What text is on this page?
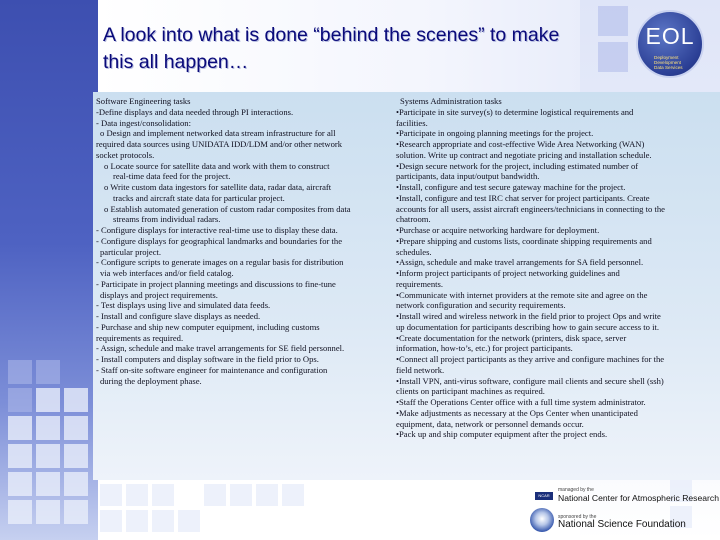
A look into what is done “behind the scenes” to make
this all happen…
EOL
Deployment
Development
Data Services
Software Engineering tasks
-Define displays and data needed through PI interactions.
- Data ingest/consolidation:
o Design and implement networked data stream infrastructure for all
required data sources using UNIDATA IDD/LDM and/or other network
socket protocols.
o Locate source for satellite data and work with them to construct
real-time data feed for the project.
o Write custom data ingestors for satellite data, radar data, aircraft
tracks and aircraft state data for particular project.
o Establish automated generation of custom radar composites from data
streams from individual radars.
- Configure displays for interactive real-time use to display these data.
- Configure displays for geographical landmarks and boundaries for the
particular project.
- Configure scripts to generate images on a regular basis for distribution
via web interfaces and/or field catalog.
- Participate in project planning meetings and discussions to fine-tune
displays and project requirements.
- Test displays using live and simulated data feeds.
- Install and configure slave displays as needed.
- Purchase and ship new computer equipment, including customs
requirements as required.
- Assign, schedule and make travel arrangements for SE field personnel.
- Install computers and display software in the field prior to Ops.
- Staff on-site software engineer for maintenance and configuration
during the deployment phase.
Systems Administration tasks
•Participate in site survey(s) to determine logistical requirements and
facilities.
•Participate in ongoing planning meetings for the project.
•Research appropriate and cost-effective Wide Area Networking (WAN)
solution. Write up contract and negotiate pricing and installation schedule.
•Design secure network for the project, including estimated number of
participants, data input/output bandwidth.
•Install, configure and test secure gateway machine for the project.
•Install, configure and test IRC chat server for project participants. Create
accounts for all users, assist aircraft engineers/technicians in connecting to the
chatroom.
•Purchase or acquire networking hardware for deployment.
•Prepare shipping and customs lists, coordinate shipping requirements and
schedules.
•Assign, schedule and make travel arrangements for SA field personnel.
•Inform project participants of project networking guidelines and
requirements.
•Communicate with internet providers at the remote site and agree on the
network configuration and security requirements.
•Install wired and wireless network in the field prior to project Ops and write
up documentation for participants describing how to gain secure access to it.
•Create documentation for the network (printers, disk space, server
information, how-to’s, etc.) for project participants.
•Connect all project participants as they arrive and configure machines for the
field network.
•Install VPN, anti-virus software, configure mail clients and secure shell (ssh)
clients on participant machines as required.
•Staff the Operations Center office with a full time system administrator.
•Make adjustments as necessary at the Ops Center when unanticipated
equipment, data, network or personnel demands occur.
•Pack up and ship computer equipment after the project ends.
NCAR
managed by the
National Center for Atmospheric Research
sponsored by the
National Science Foundation
